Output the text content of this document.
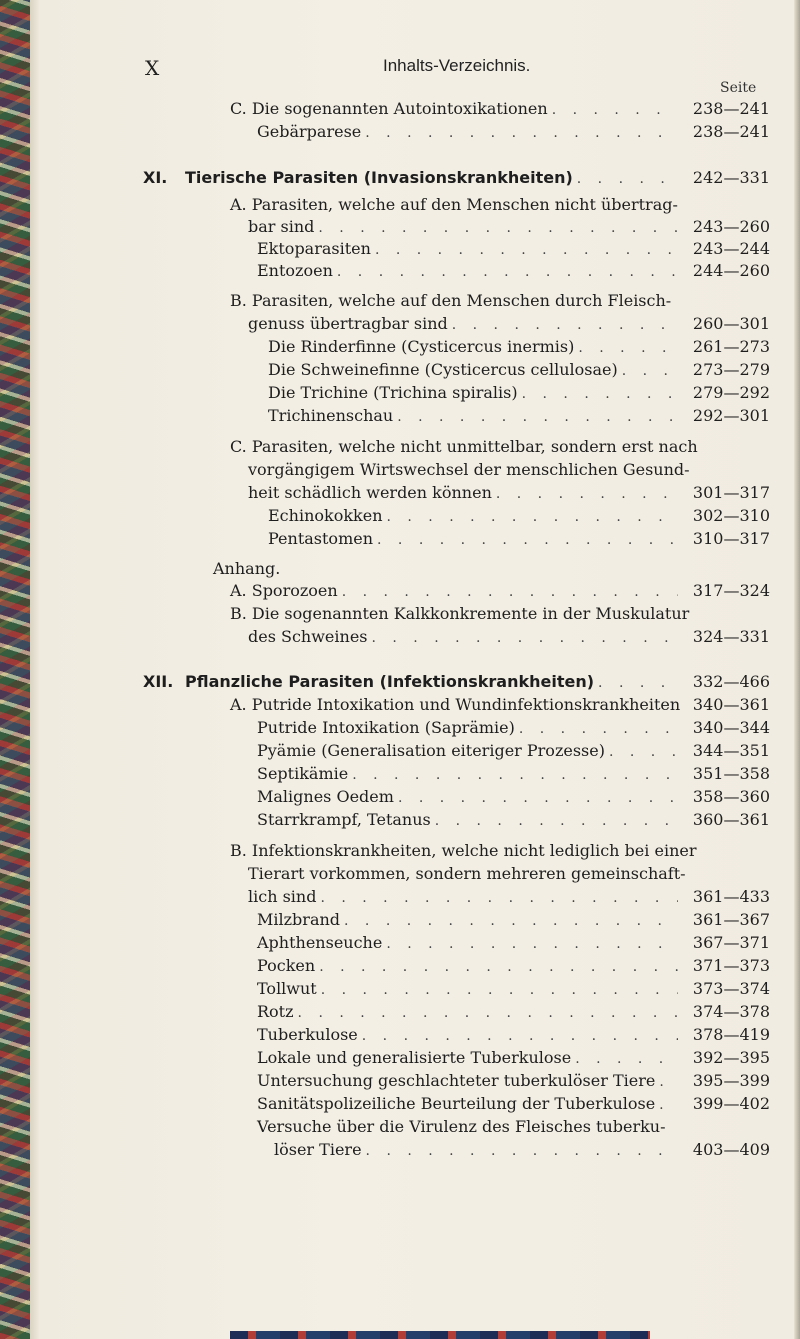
X	Inhalts-Verzeichnis.
Seite
C. Die sogenannten Autointoxikationen . . .	238—241
Gebärparese . . .	238—241
XI. Tierische Parasiten (Invasionskrankheiten) . . .	242—331
A. Parasiten, welche auf den Menschen nicht übertrag-
bar sind . . .	243—260
Ektoparasiten . . .	243—244
Entozoen . . .	244—260
B. Parasiten, welche auf den Menschen durch Fleisch-
genuss übertragbar sind . . .	260—301
Die Rinderfinne (Cysticercus inermis) . . .	261—273
Die Schweinefinne (Cysticercus cellulosae) . . .	273—279
Die Trichine (Trichina spiralis) . . .	279—292
Trichinenschau . . .	292—301
C. Parasiten, welche nicht unmittelbar, sondern erst nach
vorgängigem Wirtswechsel der menschlichen Gesund-
heit schädlich werden können . . .	301—317
Echinokokken . . .	302—310
Pentastomen . . .	310—317
Anhang.
A. Sporozoen . . .	317—324
B. Die sogenannten Kalkkonkremente in der Muskulatur
des Schweines . . .	324—331
XII. Pflanzliche Parasiten (Infektionskrankheiten) . . .	332—466
A. Putride Intoxikation und Wundinfektionskrankheiten 340—361
Putride Intoxikation (Saprämie) . . .	340—344
Pyämie (Generalisation eiteriger Prozesse) . . .	344—351
Septikämie . . .	351—358
Malignes Oedem . . .	358—360
Starrkrampf, Tetanus . . .	360—361
B. Infektionskrankheiten, welche nicht lediglich bei einer
Tierart vorkommen, sondern mehreren gemeinschaft-
lich sind . . .	361—433
Milzbrand . . .	361—367
Aphthenseuche . . .	367—371
Pocken . . .	371—373
Tollwut . . .	373—374
Rotz . . .	374—378
Tuberkulose . . .	378—419
Lokale und generalisierte Tuberkulose . . .	392—395
Untersuchung geschlachteter tuberkulöser Tiere . . .	395—399
Sanitätspolizeiliche Beurteilung der Tuberkulose . . .	399—402
Versuche über die Virulenz des Fleisches tuberku-
löser Tiere . . .	403—409
